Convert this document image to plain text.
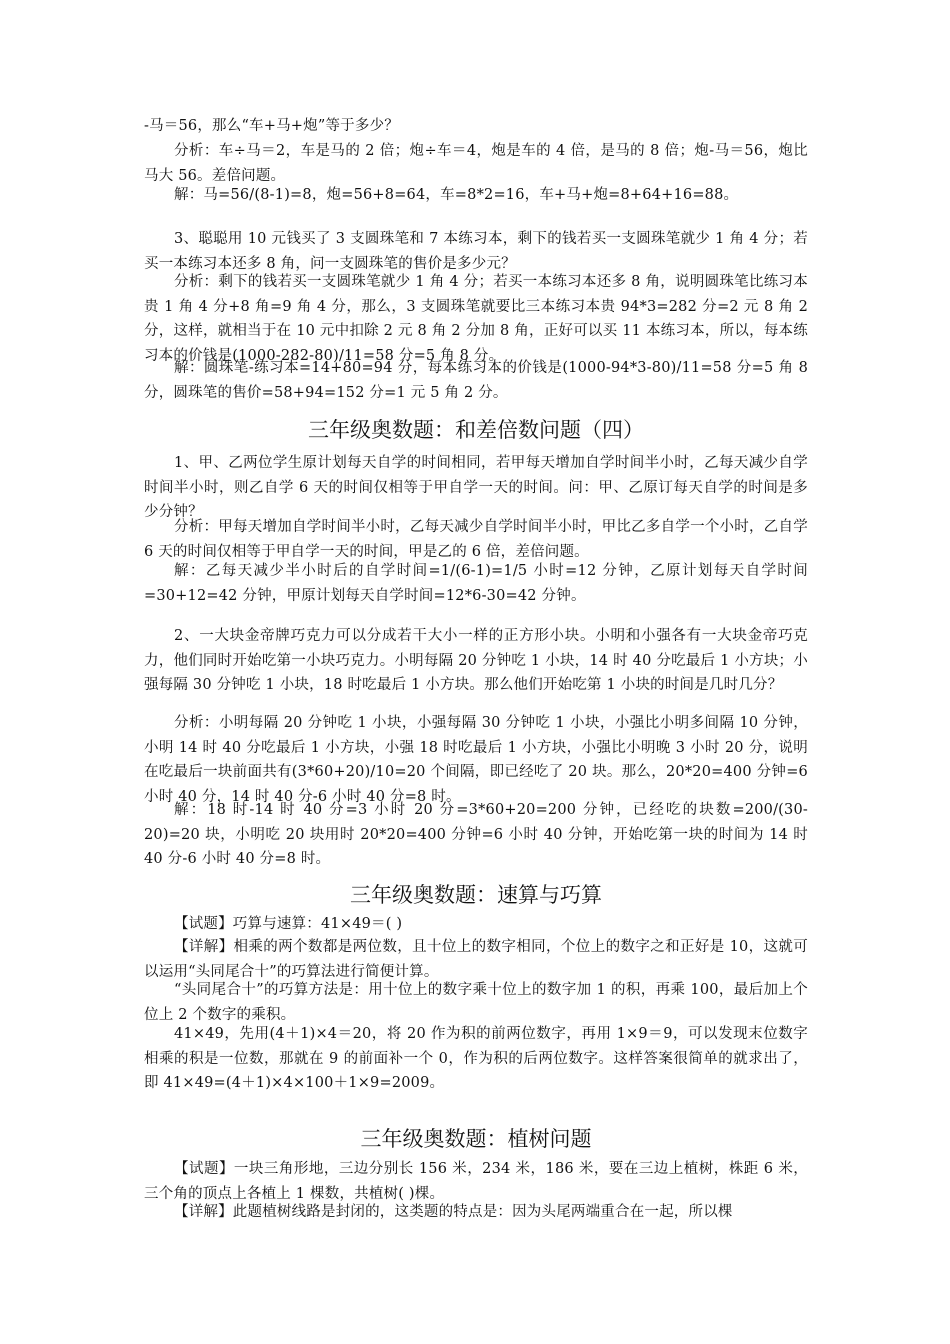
-马＝56，那么“车+马+炮”等于多少？

分析：车÷马＝2，车是马的 2 倍；炮÷车＝4，炮是车的 4 倍，是马的 8 倍；炮-马＝56，炮比马大 56。差倍问题。

解：马=56/(8-1)=8，炮=56+8=64，车=8*2=16，车+马+炮=8+64+16=88。

3、聪聪用 10 元钱买了 3 支圆珠笔和 7 本练习本，剩下的钱若买一支圆珠笔就少 1 角 4 分；若买一本练习本还多 8 角，问一支圆珠笔的售价是多少元？

分析：剩下的钱若买一支圆珠笔就少 1 角 4 分；若买一本练习本还多 8 角，说明圆珠笔比练习本贵 1 角 4 分+8 角=9 角 4 分，那么，3 支圆珠笔就要比三本练习本贵 94*3=282 分=2 元 8 角 2 分，这样，就相当于在 10 元中扣除 2 元 8 角 2 分加 8 角，正好可以买 11 本练习本，所以，每本练习本的价钱是(1000-282-80)/11=58 分=5 角 8 分。

解：圆珠笔-练习本=14+80=94 分，每本练习本的价钱是(1000-94*3-80)/11=58 分=5 角 8 分，圆珠笔的售价=58+94=152 分=1 元 5 角 2 分。

三年级奥数题：和差倍数问题（四）

1、甲、乙两位学生原计划每天自学的时间相同，若甲每天增加自学时间半小时，乙每天减少自学时间半小时，则乙自学 6 天的时间仅相等于甲自学一天的时间。问：甲、乙原订每天自学的时间是多少分钟？

分析：甲每天增加自学时间半小时，乙每天减少自学时间半小时，甲比乙多自学一个小时，乙自学 6 天的时间仅相等于甲自学一天的时间，甲是乙的 6 倍，差倍问题。

解：乙每天减少半小时后的自学时间=1/(6-1)=1/5 小时=12 分钟，乙原计划每天自学时间=30+12=42 分钟，甲原计划每天自学时间=12*6-30=42 分钟。

2、一大块金帝牌巧克力可以分成若干大小一样的正方形小块。小明和小强各有一大块金帝巧克力，他们同时开始吃第一小块巧克力。小明每隔 20 分钟吃 1 小块，14 时 40 分吃最后 1 小方块；小强每隔 30 分钟吃 1 小块，18 时吃最后 1 小方块。那么他们开始吃第 1 小块的时间是几时几分？

分析：小明每隔 20 分钟吃 1 小块，小强每隔 30 分钟吃 1 小块，小强比小明多间隔 10 分钟，小明 14 时 40 分吃最后 1 小方块，小强 18 时吃最后 1 小方块，小强比小明晚 3 小时 20 分，说明在吃最后一块前面共有(3*60+20)/10=20 个间隔，即已经吃了 20 块。那么，20*20=400 分钟=6 小时 40 分，14 时 40 分-6 小时 40 分=8 时。

解：18 时-14 时 40 分=3 小时 20 分=3*60+20=200 分钟，已经吃的块数=200/(30-20)=20 块，小明吃 20 块用时 20*20=400 分钟=6 小时 40 分钟，开始吃第一块的时间为 14 时 40 分-6 小时 40 分=8 时。

三年级奥数题：速算与巧算

【试题】巧算与速算：41×49＝( )

【详解】相乘的两个数都是两位数，且十位上的数字相同，个位上的数字之和正好是 10，这就可以运用“头同尾合十”的巧算法进行简便计算。

“头同尾合十”的巧算方法是：用十位上的数字乘十位上的数字加 1 的积，再乘 100，最后加上个位上 2 个数字的乘积。

41×49，先用(4＋1)×4＝20，将 20 作为积的前两位数字，再用 1×9＝9，可以发现末位数字相乘的积是一位数，那就在 9 的前面补一个 0，作为积的后两位数字。这样答案很简单的就求出了，即 41×49=(4＋1)×4×100＋1×9=2009。

三年级奥数题：植树问题

【试题】一块三角形地，三边分别长 156 米，234 米，186 米，要在三边上植树，株距 6 米，三个角的顶点上各植上 1 棵数，共植树( )棵。

【详解】此题植树线路是封闭的，这类题的特点是：因为头尾两端重合在一起，所以棵
